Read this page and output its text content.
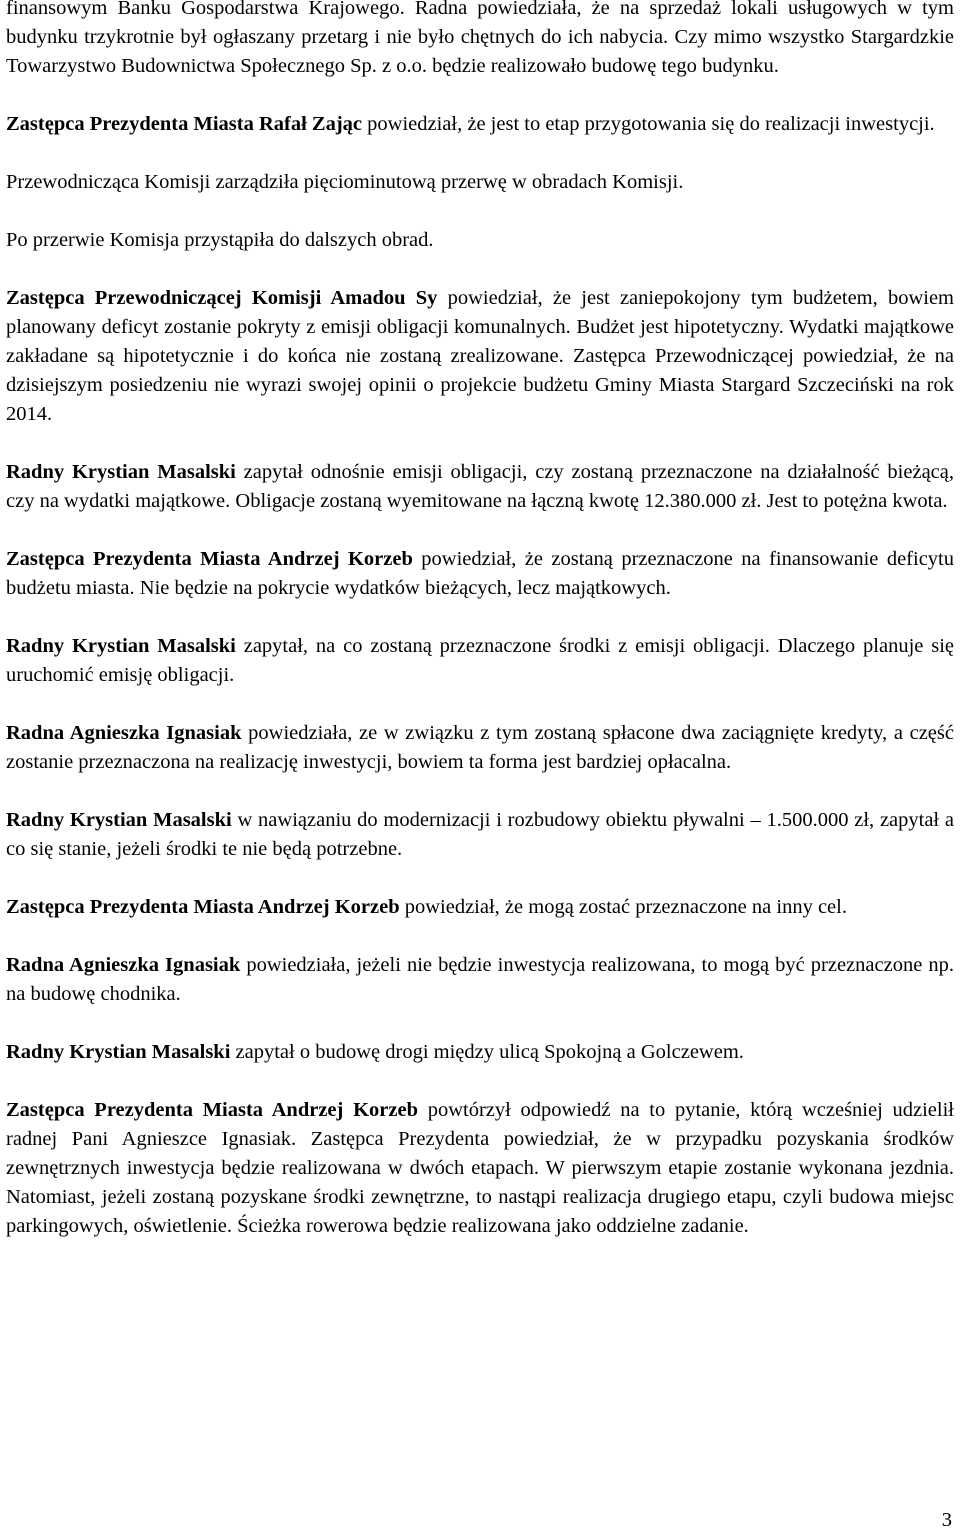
finansowym Banku Gospodarstwa Krajowego. Radna powiedziała, że na sprzedaż lokali usługowych w tym budynku trzykrotnie był ogłaszany przetarg i nie było chętnych do ich nabycia. Czy mimo wszystko Stargardzkie Towarzystwo Budownictwa Społecznego Sp. z o.o. będzie realizowało budowę tego budynku.

Zastępca Prezydenta Miasta Rafał Zając powiedział, że jest to etap przygotowania się do realizacji inwestycji.

Przewodnicząca Komisji zarządziła pięciominutową przerwę w obradach Komisji.

Po przerwie Komisja przystąpiła do dalszych obrad.

Zastępca Przewodniczącej Komisji Amadou Sy powiedział, że jest zaniepokojony tym budżetem, bowiem planowany deficyt zostanie pokryty z emisji obligacji komunalnych. Budżet jest hipotetyczny. Wydatki majątkowe zakładane są hipotetycznie i do końca nie zostaną zrealizowane. Zastępca Przewodniczącej powiedział, że na dzisiejszym posiedzeniu nie wyrazi swojej opinii o projekcie budżetu Gminy Miasta Stargard Szczeciński na rok 2014.

Radny Krystian Masalski zapytał odnośnie emisji obligacji, czy zostaną przeznaczone na działalność bieżącą, czy na wydatki majątkowe. Obligacje zostaną wyemitowane na łączną kwotę 12.380.000 zł. Jest to potężna kwota.

Zastępca Prezydenta Miasta Andrzej Korzeb powiedział, że zostaną przeznaczone na finansowanie deficytu budżetu miasta. Nie będzie na pokrycie wydatków bieżących, lecz majątkowych.

Radny Krystian Masalski zapytał, na co zostaną przeznaczone środki z emisji obligacji. Dlaczego planuje się uruchomić emisję obligacji.

Radna Agnieszka Ignasiak powiedziała, ze w związku z tym zostaną spłacone dwa zaciągnięte kredyty, a część zostanie przeznaczona na realizację inwestycji, bowiem ta forma jest bardziej opłacalna.

Radny Krystian Masalski w nawiązaniu do modernizacji i rozbudowy obiektu pływalni – 1.500.000 zł, zapytał a co się stanie, jeżeli środki te nie będą potrzebne.

Zastępca Prezydenta Miasta Andrzej Korzeb powiedział, że mogą zostać przeznaczone na inny cel.

Radna Agnieszka Ignasiak powiedziała, jeżeli nie będzie inwestycja realizowana, to mogą być przeznaczone np. na budowę chodnika.

Radny Krystian Masalski zapytał o budowę drogi między ulicą Spokojną a Golczewem.

Zastępca Prezydenta Miasta Andrzej Korzeb powtórzył odpowiedź na to pytanie, którą wcześniej udzielił radnej Pani Agnieszce Ignasiak. Zastępca Prezydenta powiedział, że w przypadku pozyskania środków zewnętrznych inwestycja będzie realizowana w dwóch etapach. W pierwszym etapie zostanie wykonana jezdnia. Natomiast, jeżeli zostaną pozyskane środki zewnętrzne, to nastąpi realizacja drugiego etapu, czyli budowa miejsc parkingowych, oświetlenie. Ścieżka rowerowa będzie realizowana jako oddzielne zadanie.

3
